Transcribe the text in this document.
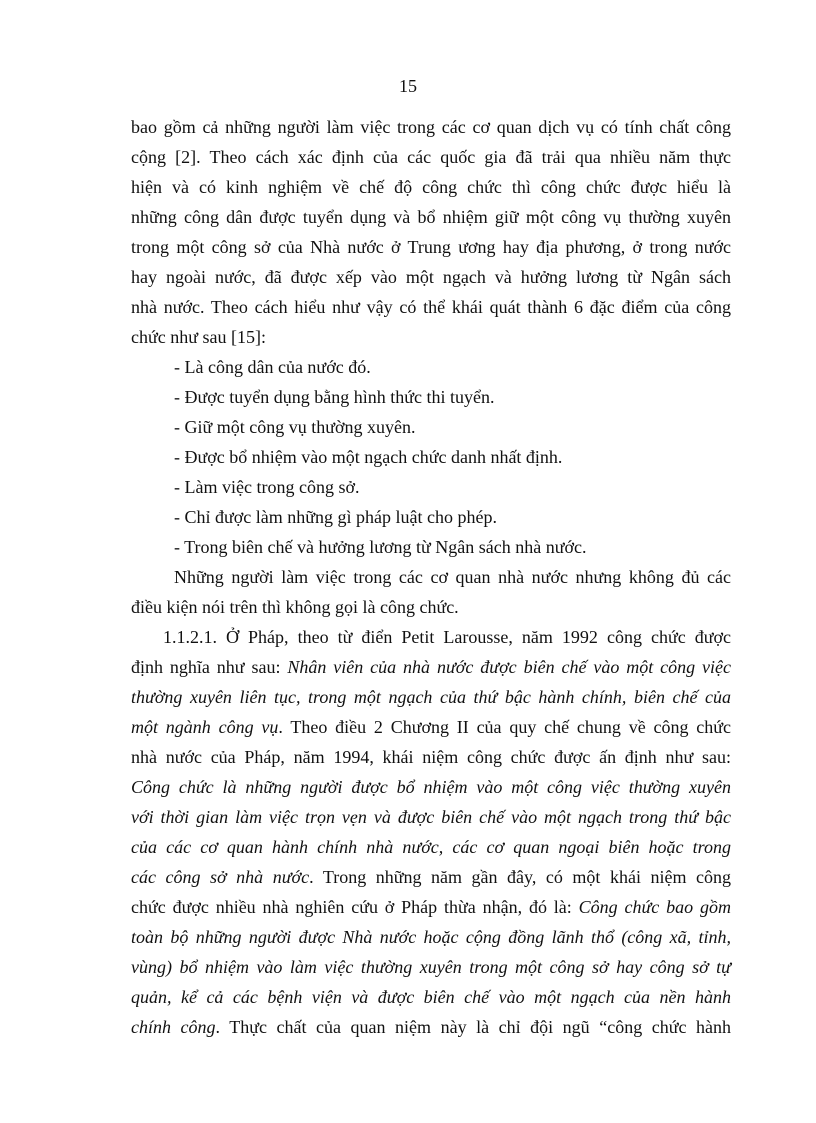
15
bao gồm cả những người làm việc trong các cơ quan dịch vụ có tính chất công
cộng [2]. Theo cách xác định của các quốc gia đã trải qua nhiều năm thực
hiện và có kinh nghiệm về chế độ công chức thì công chức được hiểu là
những công dân được tuyển dụng và bổ nhiệm giữ một công vụ thường xuyên
trong một công sở của Nhà nước ở Trung ương hay địa phương, ở trong nước
hay ngoài nước, đã được xếp vào một ngạch và hưởng lương từ Ngân sách
nhà nước. Theo cách hiểu như vậy có thể khái quát thành 6 đặc điểm của công
chức như sau [15]:
- Là công dân của nước đó.
- Được tuyển dụng bằng hình thức thi tuyển.
- Giữ một công vụ thường xuyên.
- Được bổ nhiệm vào một ngạch chức danh nhất định.
- Làm việc trong công sở.
- Chỉ được làm những gì pháp luật cho phép.
- Trong biên chế và hưởng lương từ Ngân sách nhà nước.
Những người làm việc trong các cơ quan nhà nước nhưng không đủ các
điều kiện nói trên thì không gọi là công chức.
1.1.2.1. Ở Pháp, theo từ điển Petit Larousse, năm 1992 công chức được
định nghĩa như sau: Nhân viên của nhà nước được biên chế vào một công việc
thường xuyên liên tục, trong một ngạch của thứ bậc hành chính, biên chế của
một ngành công vụ. Theo điều 2 Chương II của quy chế chung về công chức
nhà nước của Pháp, năm 1994, khái niệm công chức được ấn định như sau:
Công chức là những người được bổ nhiệm vào một công việc thường xuyên
với thời gian làm việc trọn vẹn và được biên chế vào một ngạch trong thứ bậc
của các cơ quan hành chính nhà nước, các cơ quan ngoại biên hoặc trong
các công sở nhà nước. Trong những năm gần đây, có một khái niệm công
chức được nhiều nhà nghiên cứu ở Pháp thừa nhận, đó là: Công chức bao gồm
toàn bộ những người được Nhà nước hoặc cộng đồng lãnh thổ (công xã, tỉnh,
vùng) bổ nhiệm vào làm việc thường xuyên trong một công sở hay công sở tự
quản, kể cả các bệnh viện và được biên chế vào một ngạch của nền hành
chính công. Thực chất của quan niệm này là chỉ đội ngũ “công chức hành
